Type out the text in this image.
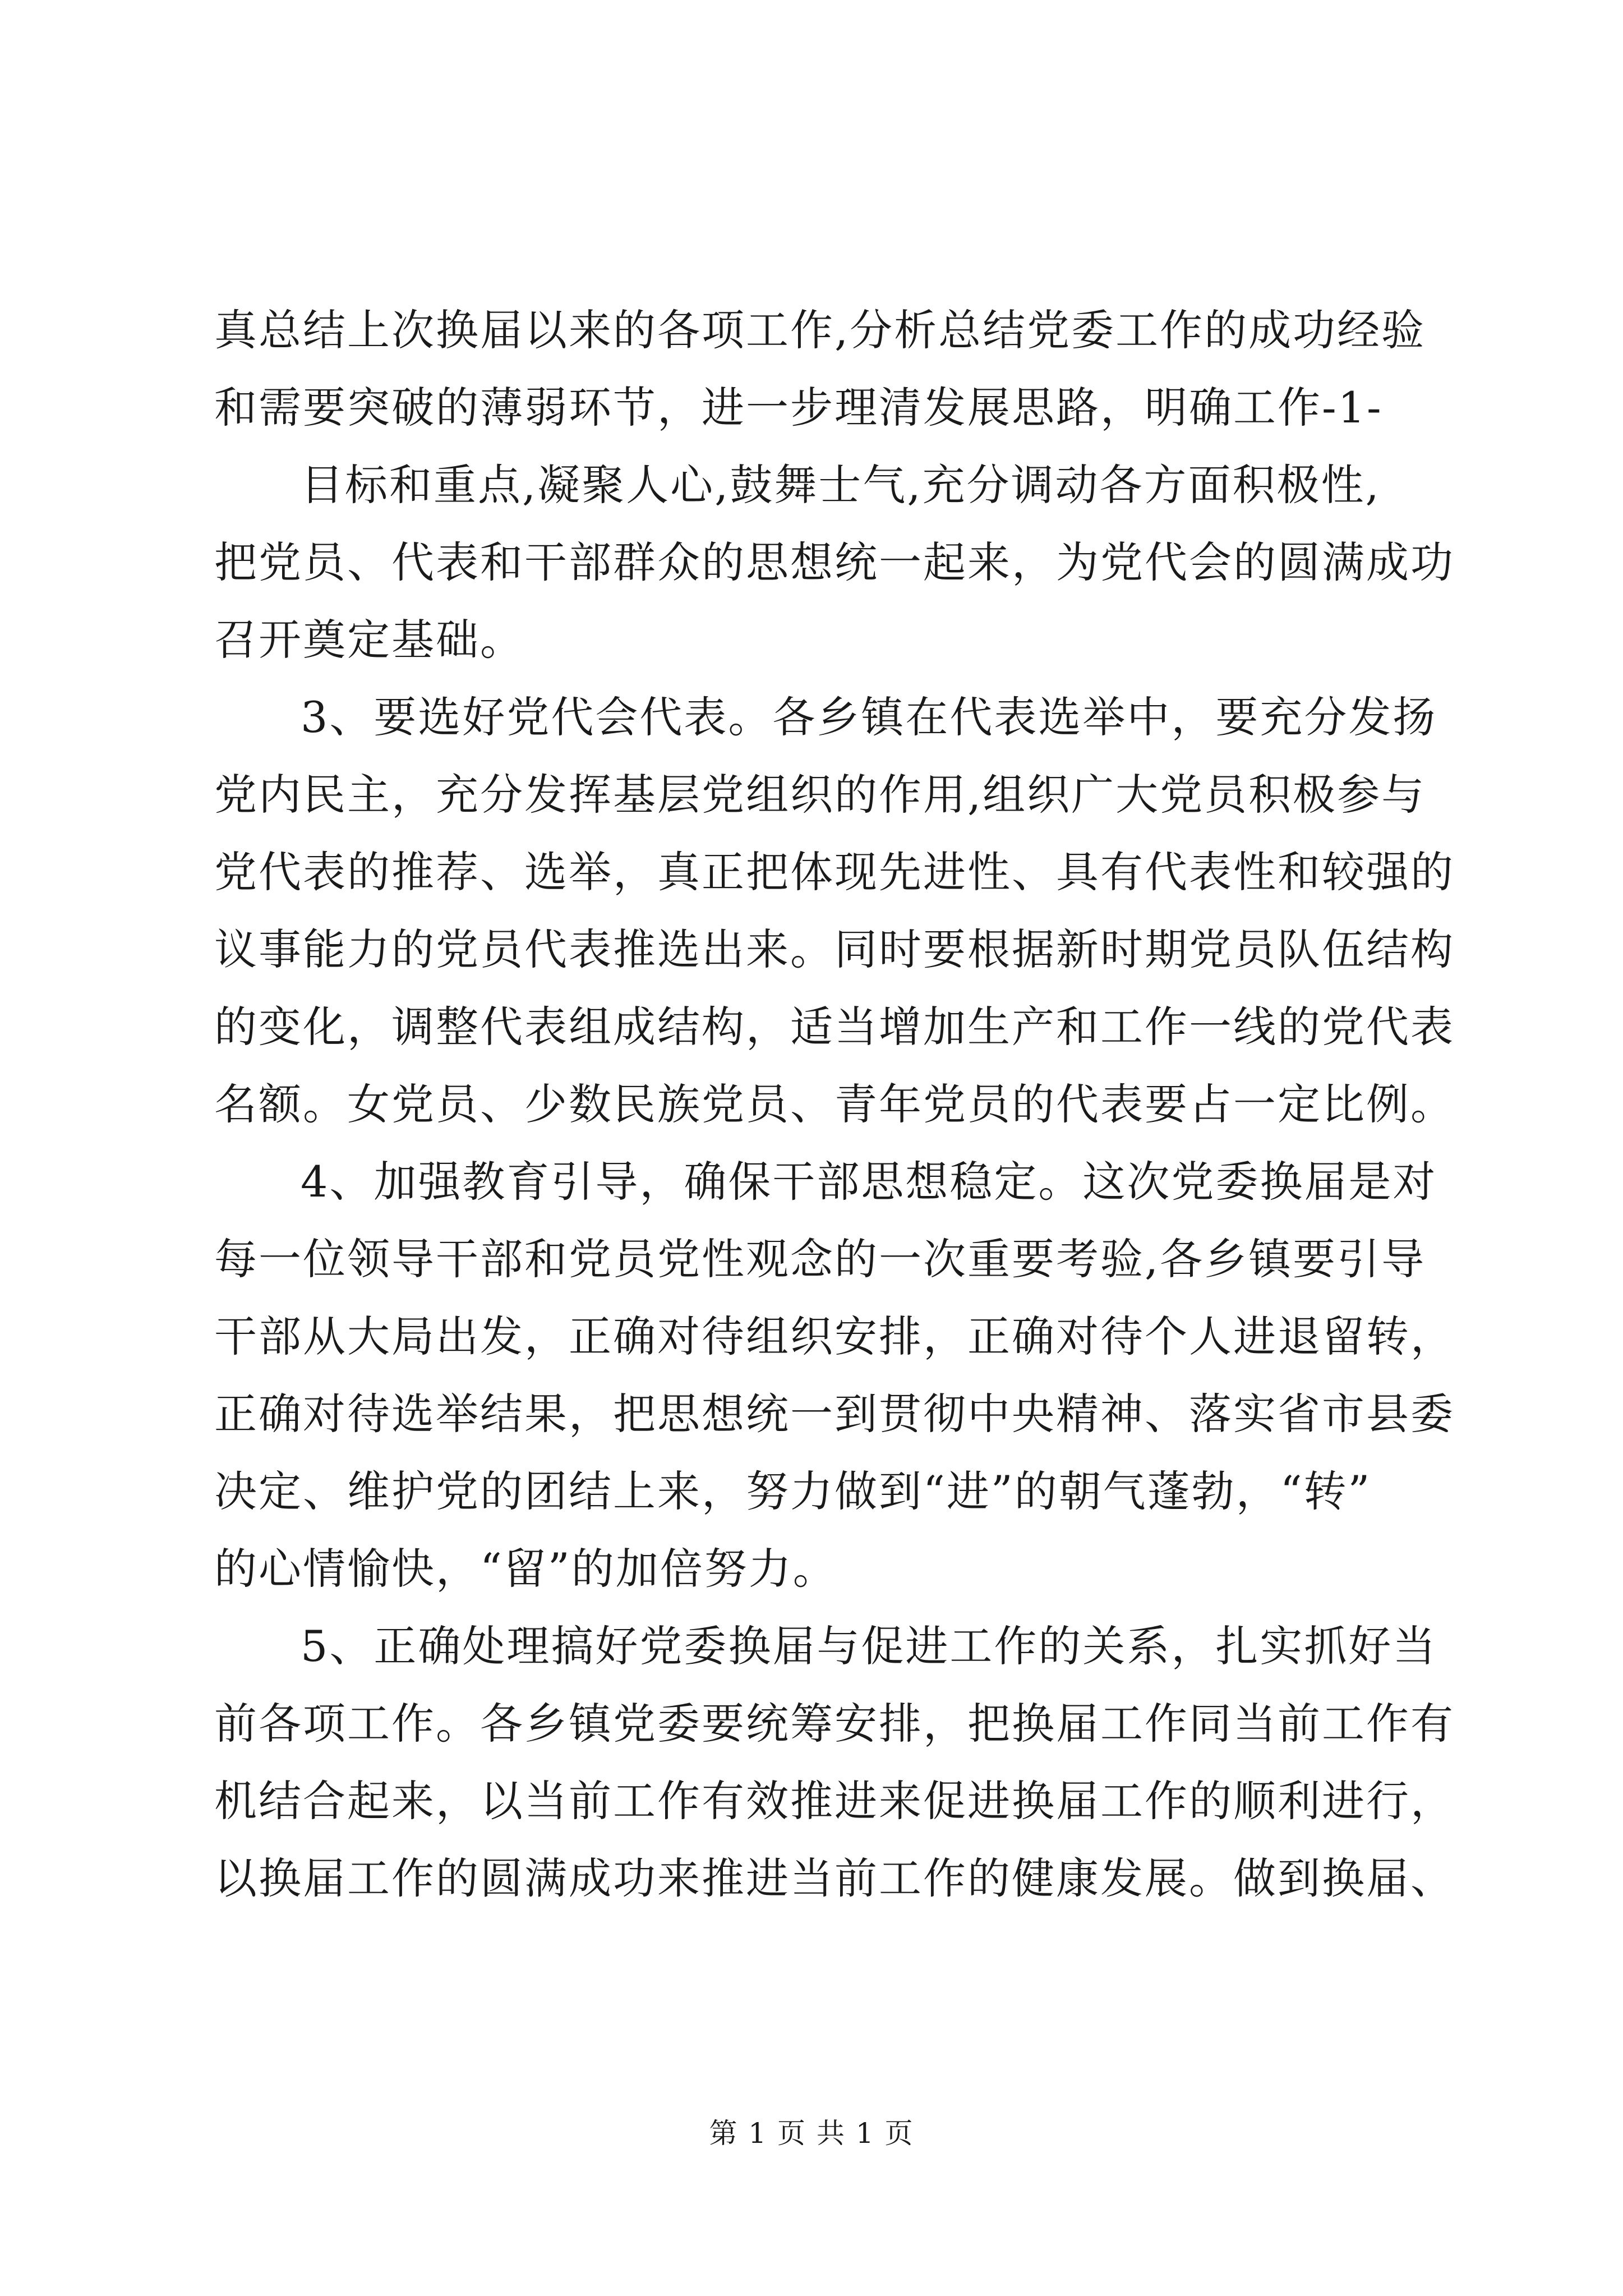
真总结上次换届以来的各项工作,分析总结党委工作的成功经验
和需要突破的薄弱环节，进一步理清发展思路，明确工作-1-
目标和重点,凝聚人心,鼓舞士气,充分调动各方面积极性,
把党员、代表和干部群众的思想统一起来，为党代会的圆满成功
召开奠定基础。
3、要选好党代会代表。各乡镇在代表选举中，要充分发扬
党内民主，充分发挥基层党组织的作用,组织广大党员积极参与
党代表的推荐、选举，真正把体现先进性、具有代表性和较强的
议事能力的党员代表推选出来。同时要根据新时期党员队伍结构
的变化，调整代表组成结构，适当增加生产和工作一线的党代表
名额。女党员、少数民族党员、青年党员的代表要占一定比例。
4、加强教育引导，确保干部思想稳定。这次党委换届是对
每一位领导干部和党员党性观念的一次重要考验,各乡镇要引导
干部从大局出发，正确对待组织安排，正确对待个人进退留转，
正确对待选举结果，把思想统一到贯彻中央精神、落实省市县委
决定、维护党的团结上来，努力做到“进”的朝气蓬勃，“转”
的心情愉快，“留”的加倍努力。
5、正确处理搞好党委换届与促进工作的关系，扎实抓好当
前各项工作。各乡镇党委要统筹安排，把换届工作同当前工作有
机结合起来，以当前工作有效推进来促进换届工作的顺利进行，
以换届工作的圆满成功来推进当前工作的健康发展。做到换届、
第 1 页 共 1 页
